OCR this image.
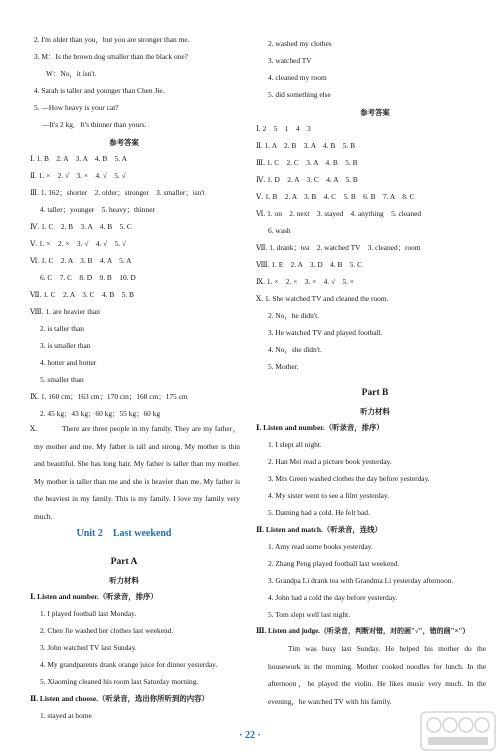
2. I'm older than you，but you are stronger than me.
3. M：Is the brown dog smaller than the black one?
W：No，it isn't.
4. Sarah is taller and younger than Chen Jie.
5. —How heavy is your cat?
—It's 2 kg．It's thinner than yours.
参考答案
Ⅰ. 1. B　2. A　3. A　4. B　5. A
Ⅱ. 1. ×　2. √　3. ×　4. √　5. √
Ⅲ. 1. 162；shorter　2. older；stronger　3. smaller；isn't
4. taller；younger　5. heavy；thinner
Ⅳ. 1. C　2. B　3. A　4. B　5. C
Ⅴ. 1. ×　2. ×　3. √　4. √　5. √
Ⅵ. 1. C　2. A　3. B　4. A　5. A
6. C　7. C　8. D　9. B　10. D
Ⅶ. 1. C　2. A　3. C　4. B　5. B
Ⅷ. 1. are heavier than
2. is taller than
3. is smaller than
4. hotter and hotter
5. smaller than
Ⅸ. 1. 160 cm；163 cm；170 cm；168 cm；175 cm
2. 45 kg；43 kg；60 kg；55 kg；60 kg
Ⅹ.	There are three people in my family. They are my father，my mother and me. My father is tall and strong. My mother is thin and beautiful. She has long hair. My father is taller than my mother. My mother is taller than me and she is heavier than me. My father is the heaviest in my family. This is my family. I love my family very much.
Unit 2　Last weekend
Part A
听力材料
Ⅰ. Listen and number.（听录音，排序）
1. I played football last Monday.
2. Chen Jie washed her clothes last weekend.
3. John watched TV last Sunday.
4. My grandparents drank orange juice for dinner yesterday.
5. Xiaoming cleaned his room last Saturday morning.
Ⅱ. Listen and choose.（听录音，选出你所听到的内容）
1. stayed at home
2. washed my clothes
3. watched TV
4. cleaned my room
5. did something else
参考答案
Ⅰ. 2　5　1　4　3
Ⅱ. 1. A　2. B　3. A　4. B　5. B
Ⅲ. 1. C　2. C　3. A　4. B　5. B
Ⅳ. 1. D　2. A　3. C　4. A　5. B
Ⅴ. 1. B　2. A　3. B　4. C　5. B　6. B　7. A　8. C
Ⅵ. 1. on　2. next　3. stayed　4. anything　5. cleaned
6. wash
Ⅶ. 1. drank；tea　2. watched TV　3. cleaned；room
Ⅷ. 1. E　2. A　3. D　4. B　5. C
Ⅸ. 1. ×　2. ×　3. ×　4. √　5. ×
Ⅹ. 1. She watched TV and cleaned the room.
2. No，he didn't.
3. He watched TV and played football.
4. No，she didn't.
5. Mother.
Part B
听力材料
Ⅰ. Listen and number.（听录音，排序）
1. I slept all night.
2. Han Mei read a picture book yesterday.
3. Mrs Green washed clothes the day before yesterday.
4. My sister went to see a film yesterday.
5. Daming had a cold. He felt bad.
Ⅱ. Listen and match.（听录音，连线）
1. Amy read some books yesterday.
2. Zhang Peng played football last weekend.
3. Grandpa Li drank tea with Grandma Li yesterday afternoon.
4. John had a cold the day before yesterday.
5. Tom slept well last night.
Ⅲ. Listen and judge.（听录音，判断对错，对的画"√"，错的画"×"）
Tim was busy last Sunday. He helped his mother do the housework in the morning. Mother cooked noodles for lunch. In the afternoon，he played the violin. He likes music very much. In the evening，he watched TV with his family.
· 22 ·
